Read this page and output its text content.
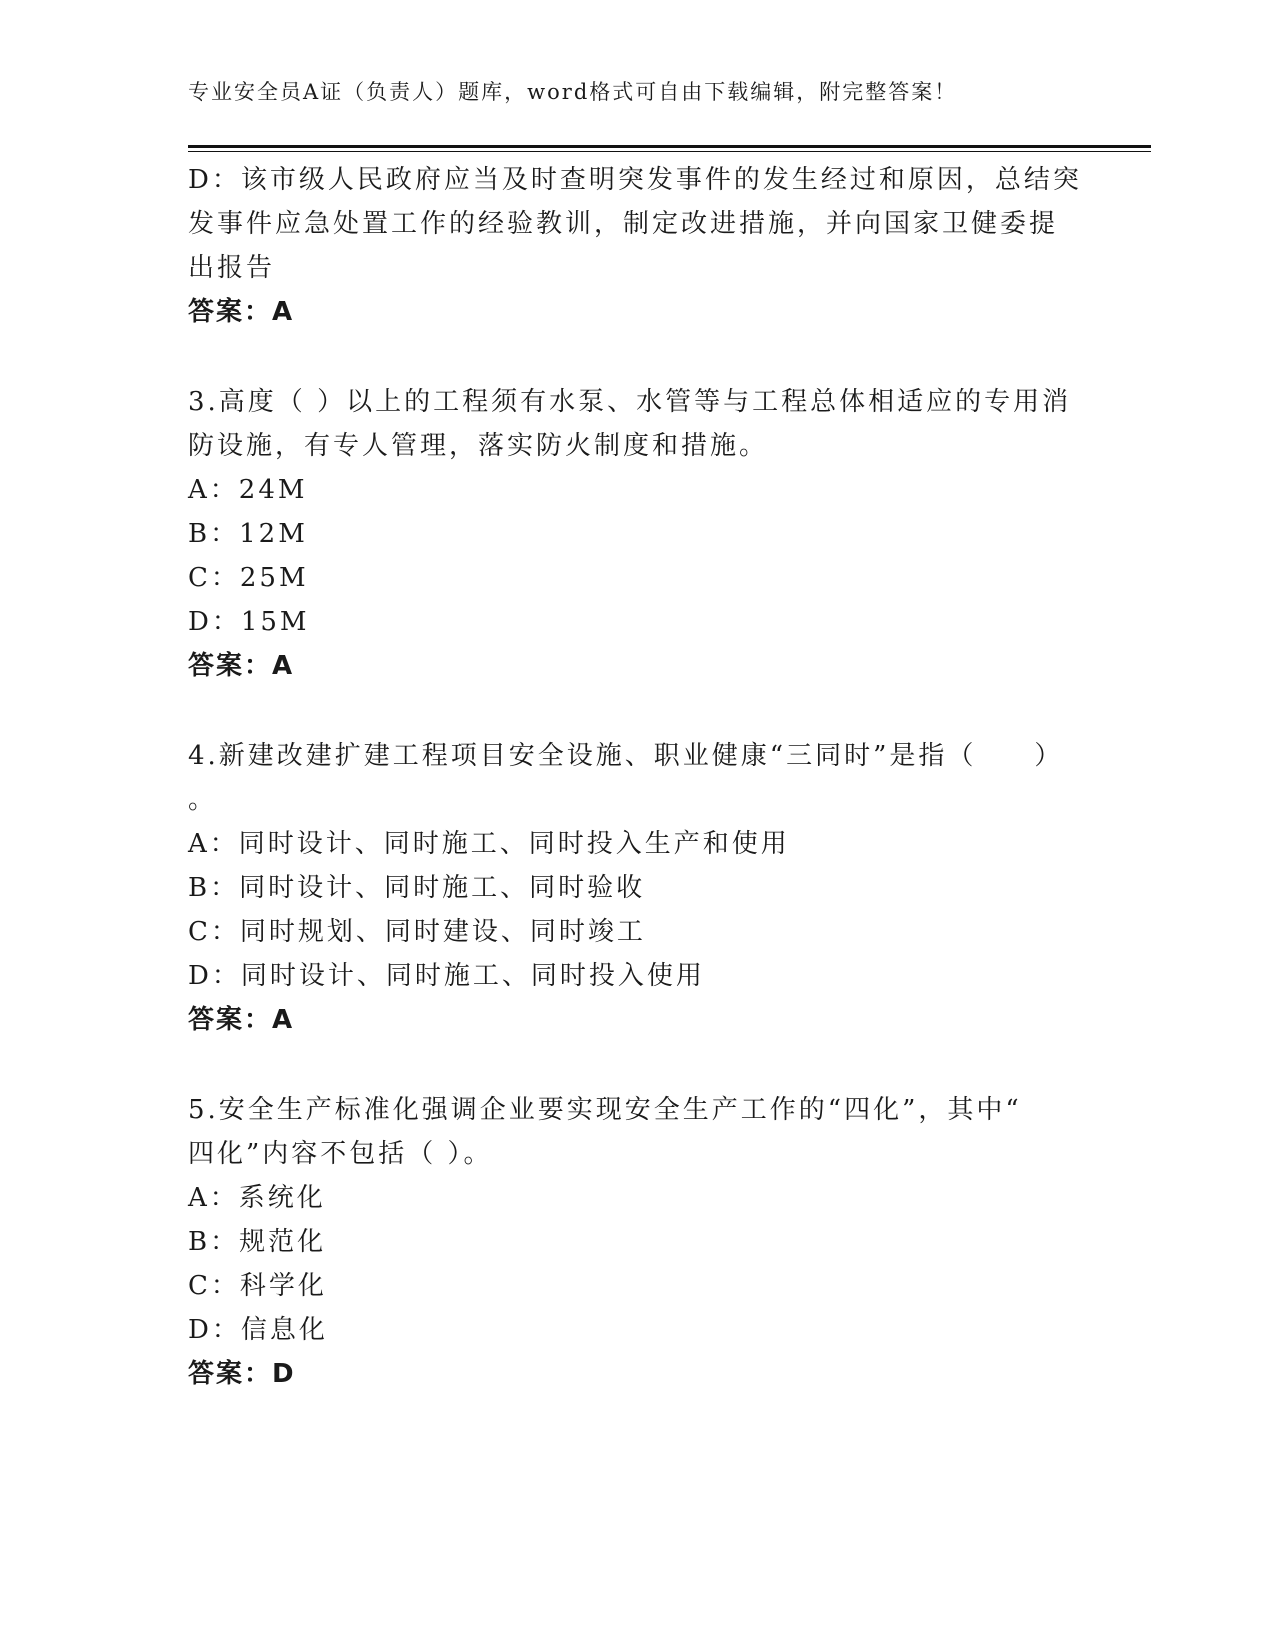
专业安全员A证（负责人）题库，word格式可自由下载编辑，附完整答案！
D：该市级人民政府应当及时查明突发事件的发生经过和原因，总结突
发事件应急处置工作的经验教训，制定改进措施，并向国家卫健委提
出报告
答案：A
3.高度（ ）以上的工程须有水泵、水管等与工程总体相适应的专用消
防设施，有专人管理，落实防火制度和措施。
A：24M
B：12M
C：25M
D：15M
答案：A
4.新建改建扩建工程项目安全设施、职业健康“三同时”是指（　　）
。
A：同时设计、同时施工、同时投入生产和使用
B：同时设计、同时施工、同时验收
C：同时规划、同时建设、同时竣工
D：同时设计、同时施工、同时投入使用
答案：A
5.安全生产标准化强调企业要实现安全生产工作的“四化”，其中“
四化”内容不包括（ ）。
A：系统化
B：规范化
C：科学化
D：信息化
答案：D
